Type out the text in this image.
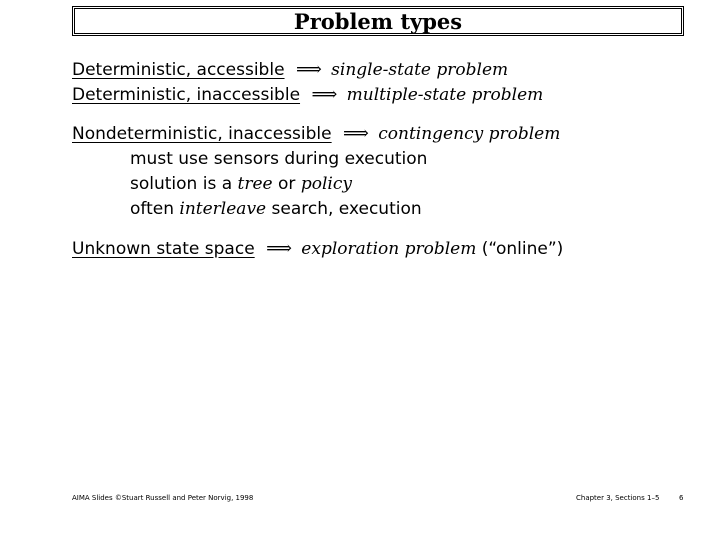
Problem types
Deterministic, accessible ⟹ single-state problem
Deterministic, inaccessible ⟹ multiple-state problem
Nondeterministic, inaccessible ⟹ contingency problem
must use sensors during execution
solution is a tree or policy
often interleave search, execution
Unknown state space ⟹ exploration problem (“online”)
AIMA Slides ©Stuart Russell and Peter Norvig, 1998	Chapter 3, Sections 1–5	6
